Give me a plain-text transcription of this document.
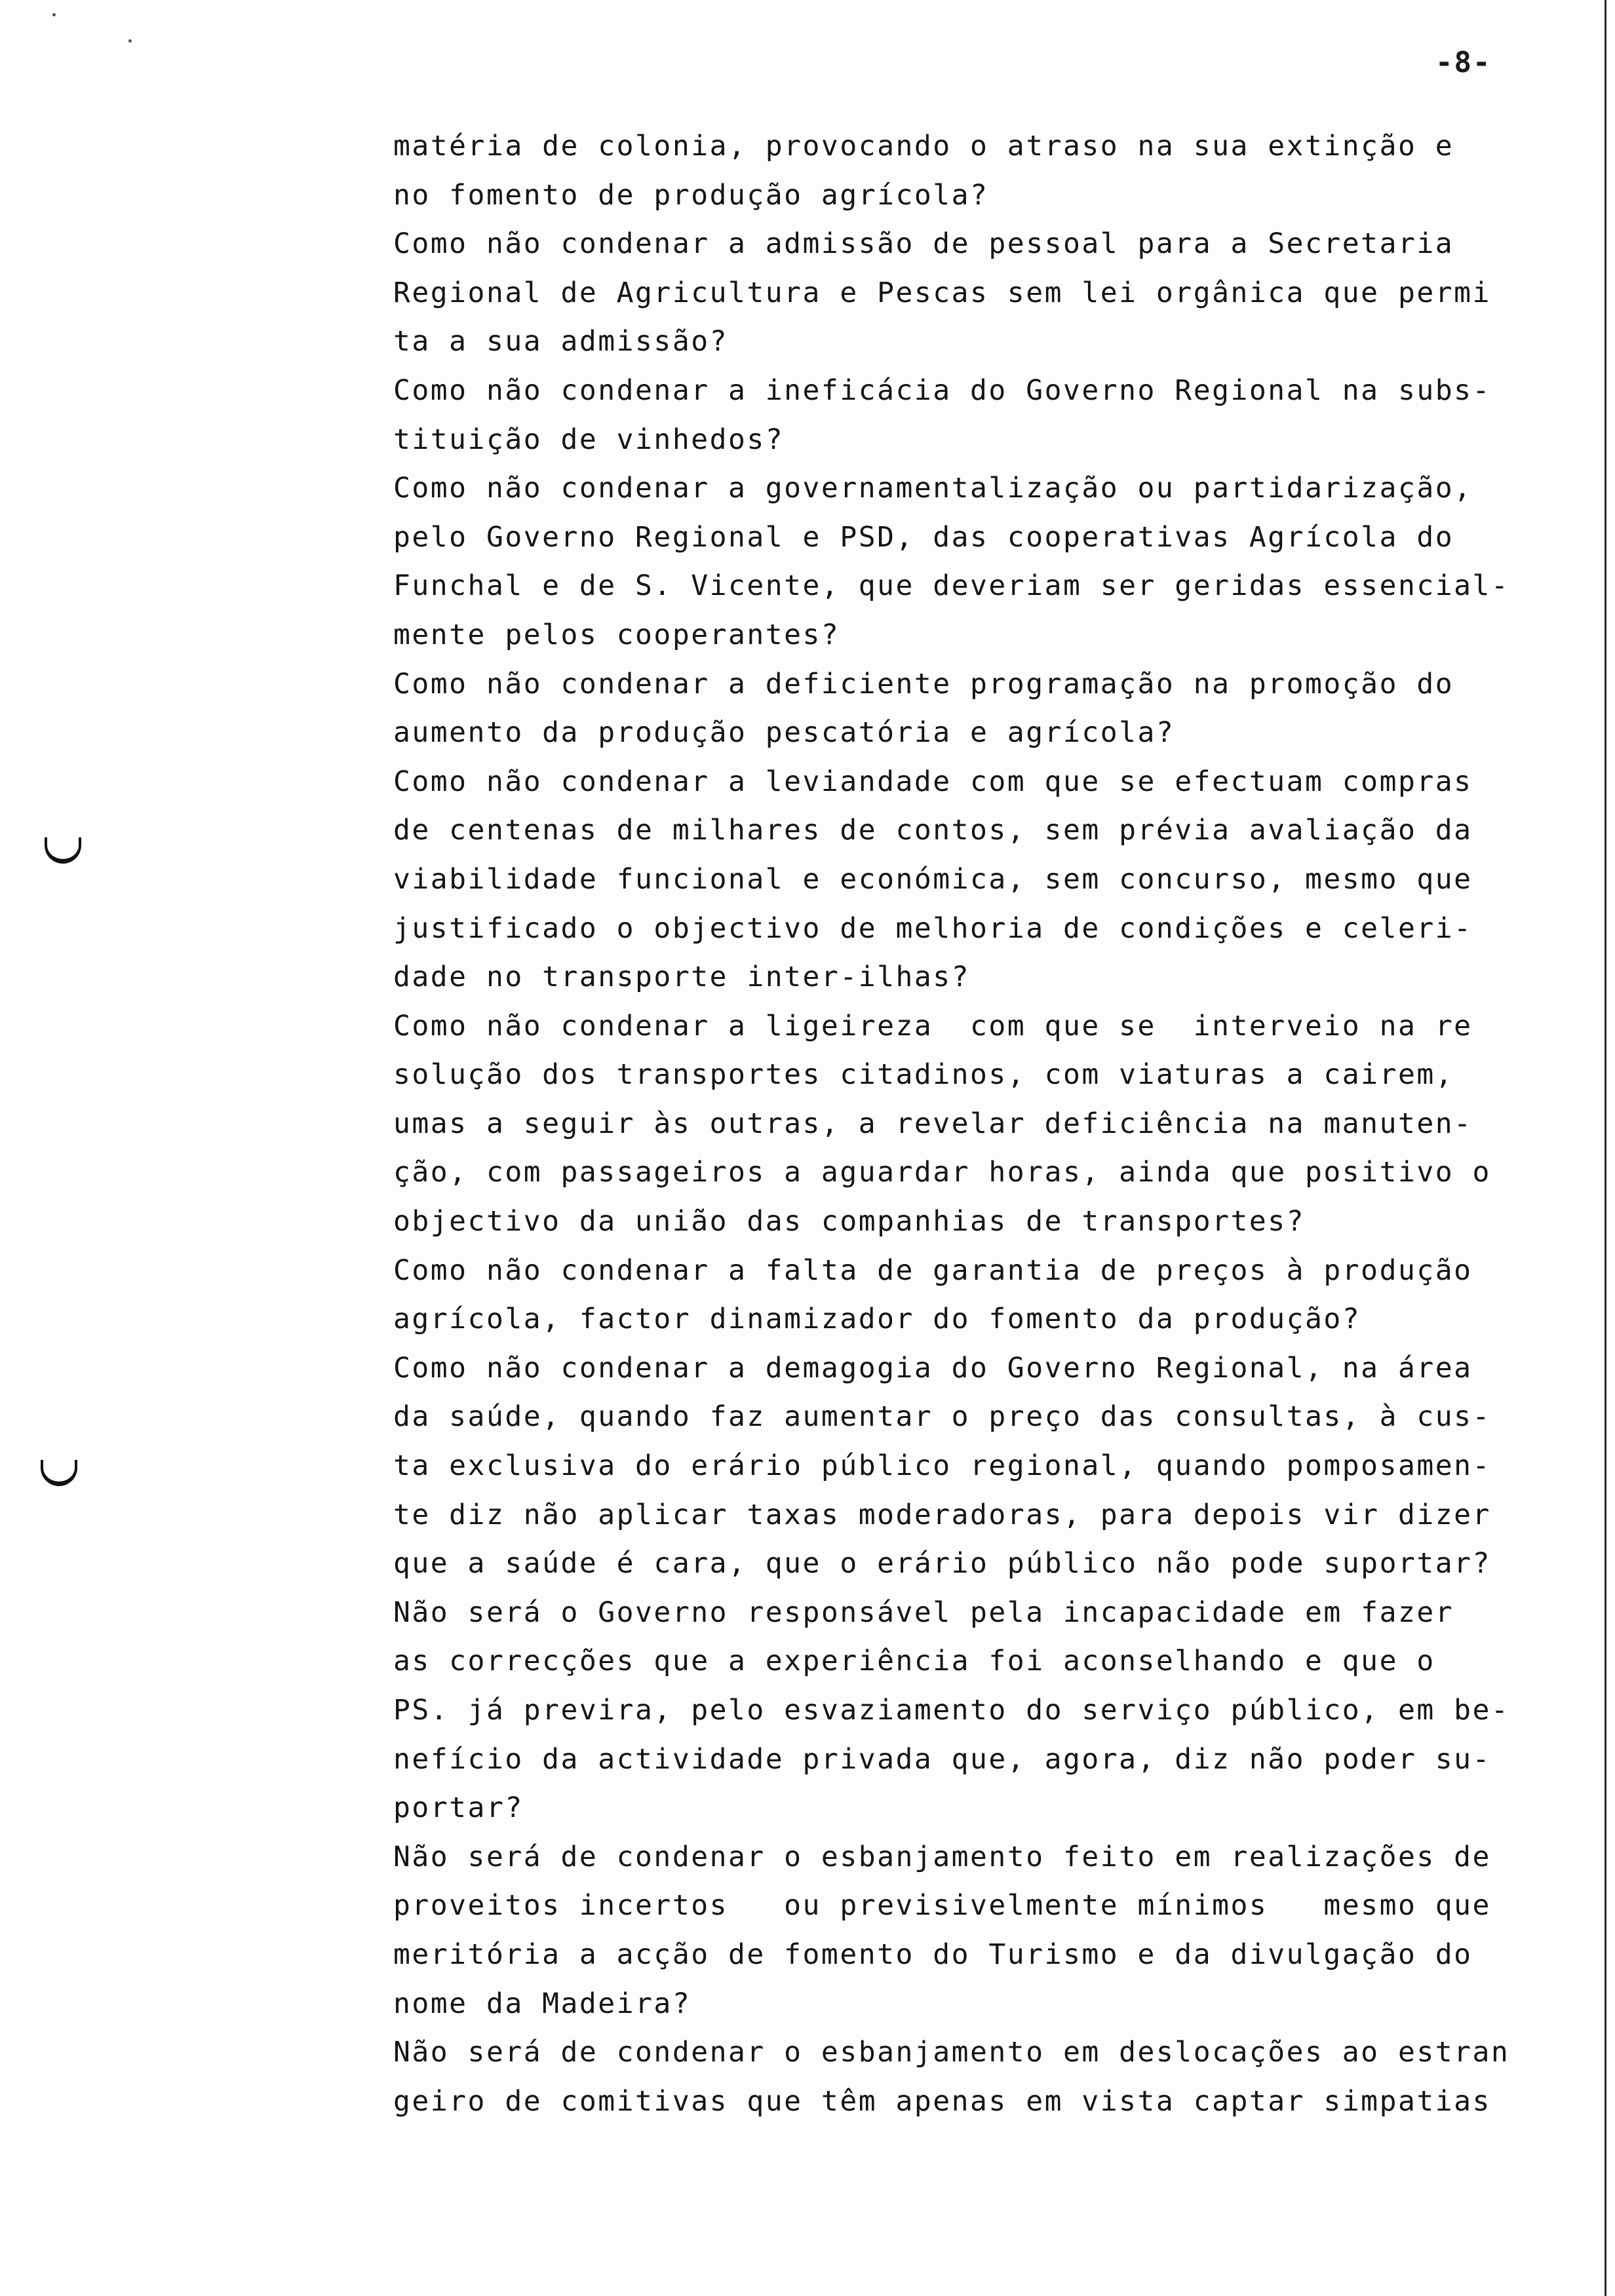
-8-
matéria de colonia, provocando o atraso na sua extinção e
no fomento de produção agrícola?
Como não condenar a admissão de pessoal para a Secretaria
Regional de Agricultura e Pescas sem lei orgânica que permi
ta a sua admissão?
Como não condenar a ineficácia do Governo Regional na subs-
tituição de vinhedos?
Como não condenar a governamentalização ou partidarização,
pelo Governo Regional e PSD, das cooperativas Agrícola do
Funchal e de S. Vicente, que deveriam ser geridas essencial-
mente pelos cooperantes?
Como não condenar a deficiente programação na promoção do
aumento da produção pescatória e agrícola?
Como não condenar a leviandade com que se efectuam compras
de centenas de milhares de contos, sem prévia avaliação da
viabilidade funcional e económica, sem concurso, mesmo que
justificado o objectivo de melhoria de condições e celeri-
dade no transporte inter-ilhas?
Como não condenar a ligeireza  com que se  interveio na re
solução dos transportes citadinos, com viaturas a cairem,
umas a seguir às outras, a revelar deficiência na manuten-
ção, com passageiros a aguardar horas, ainda que positivo o
objectivo da união das companhias de transportes?
Como não condenar a falta de garantia de preços à produção
agrícola, factor dinamizador do fomento da produção?
Como não condenar a demagogia do Governo Regional, na área
da saúde, quando faz aumentar o preço das consultas, à cus-
ta exclusiva do erário público regional, quando pomposamen-
te diz não aplicar taxas moderadoras, para depois vir dizer
que a saúde é cara, que o erário público não pode suportar?
Não será o Governo responsável pela incapacidade em fazer
as correcções que a experiência foi aconselhando e que o
PS. já previra, pelo esvaziamento do serviço público, em be-
nefício da actividade privada que, agora, diz não poder su-
portar?
Não será de condenar o esbanjamento feito em realizações de
proveitos incertos   ou previsivelmente mínimos   mesmo que
meritória a acção de fomento do Turismo e da divulgação do
nome da Madeira?
Não será de condenar o esbanjamento em deslocações ao estran
geiro de comitivas que têm apenas em vista captar simpatias
